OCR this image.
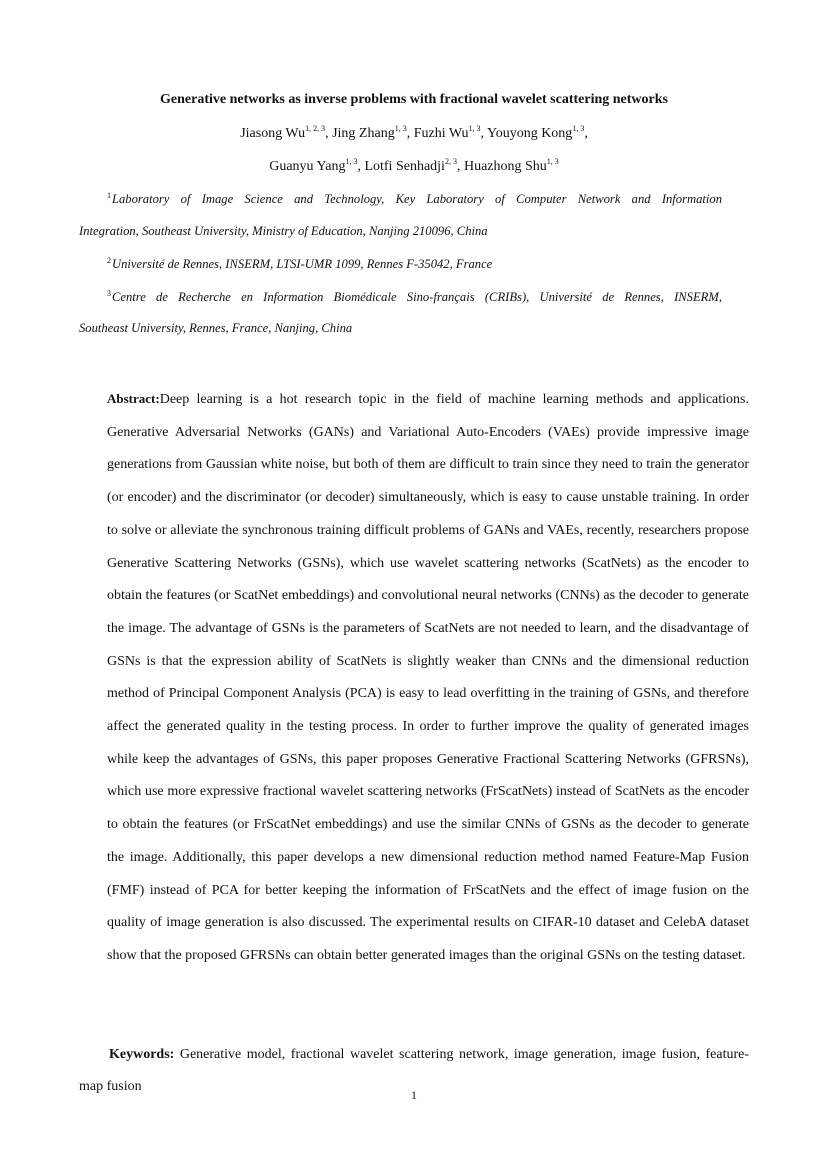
Generative networks as inverse problems with fractional wavelet scattering networks
Jiasong Wu$^{1, 2, 3}$, Jing Zhang$^{1, 3}$, Fuzhi Wu$^{1, 3}$, Youyong Kong$^{1, 3}$,
Guanyu Yang$^{1, 3}$, Lotfi Senhadji$^{2, 3}$, Huazhong Shu$^{1, 3}$
$^1$Laboratory of Image Science and Technology, Key Laboratory of Computer Network and Information
Integration, Southeast University, Ministry of Education, Nanjing 210096, China
$^2$Université de Rennes, INSERM, LTSI-UMR 1099, Rennes F-35042, France
$^3$Centre de Recherche en Information Biomédicale Sino-français (CRIBs), Université de Rennes, INSERM,
Southeast University, Rennes, France, Nanjing, China
Abstract:Deep learning is a hot research topic in the field of machine learning methods and applications. Generative Adversarial Networks (GANs) and Variational Auto-Encoders (VAEs) provide impressive image generations from Gaussian white noise, but both of them are difficult to train since they need to train the generator (or encoder) and the discriminator (or decoder) simultaneously, which is easy to cause unstable training. In order to solve or alleviate the synchronous training difficult problems of GANs and VAEs, recently, researchers propose Generative Scattering Networks (GSNs), which use wavelet scattering networks (ScatNets) as the encoder to obtain the features (or ScatNet embeddings) and convolutional neural networks (CNNs) as the decoder to generate the image. The advantage of GSNs is the parameters of ScatNets are not needed to learn, and the disadvantage of GSNs is that the expression ability of ScatNets is slightly weaker than CNNs and the dimensional reduction method of Principal Component Analysis (PCA) is easy to lead overfitting in the training of GSNs, and therefore affect the generated quality in the testing process. In order to further improve the quality of generated images while keep the advantages of GSNs, this paper proposes Generative Fractional Scattering Networks (GFRSNs), which use more expressive fractional wavelet scattering networks (FrScatNets) instead of ScatNets as the encoder to obtain the features (or FrScatNet embeddings) and use the similar CNNs of GSNs as the decoder to generate the image. Additionally, this paper develops a new dimensional reduction method named Feature-Map Fusion (FMF) instead of PCA for better keeping the information of FrScatNets and the effect of image fusion on the quality of image generation is also discussed. The experimental results on CIFAR-10 dataset and CelebA dataset show that the proposed GFRSNs can obtain better generated images than the original GSNs on the testing dataset.
Keywords: Generative model, fractional wavelet scattering network, image generation, image fusion, feature-map fusion
1
